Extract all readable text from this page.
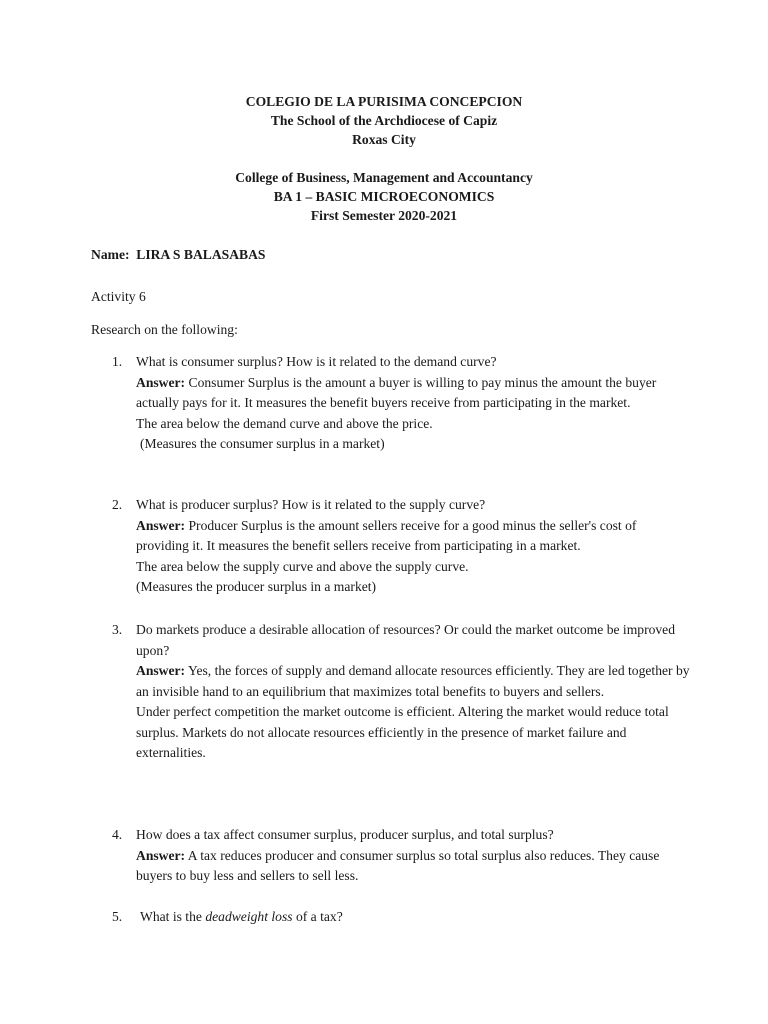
COLEGIO DE LA PURISIMA CONCEPCION
The School of the Archdiocese of Capiz
Roxas City
College of Business, Management and Accountancy
BA 1 – BASIC MICROECONOMICS
First Semester 2020-2021
Name: LIRA S BALASABAS
Activity 6
Research on the following:
1. What is consumer surplus? How is it related to the demand curve?

Answer: Consumer Surplus is the amount a buyer is willing to pay minus the amount the buyer actually pays for it. It measures the benefit buyers receive from participating in the market.

The area below the demand curve and above the price.

(Measures the consumer surplus in a market)

2. What is producer surplus? How is it related to the supply curve?

Answer: Producer Surplus is the amount sellers receive for a good minus the seller's cost of providing it. It measures the benefit sellers receive from participating in a market.

The area below the supply curve and above the supply curve.

(Measures the producer surplus in a market)

3. Do markets produce a desirable allocation of resources? Or could the market outcome be improved upon?

Answer: Yes, the forces of supply and demand allocate resources efficiently. They are led together by an invisible hand to an equilibrium that maximizes total benefits to buyers and sellers.

Under perfect competition the market outcome is efficient. Altering the market would reduce total surplus. Markets do not allocate resources efficiently in the presence of market failure and externalities.

4. How does a tax affect consumer surplus, producer surplus, and total surplus?

Answer: A tax reduces producer and consumer surplus so total surplus also reduces. They cause buyers to buy less and sellers to sell less.

5. What is the deadweight loss of a tax?
